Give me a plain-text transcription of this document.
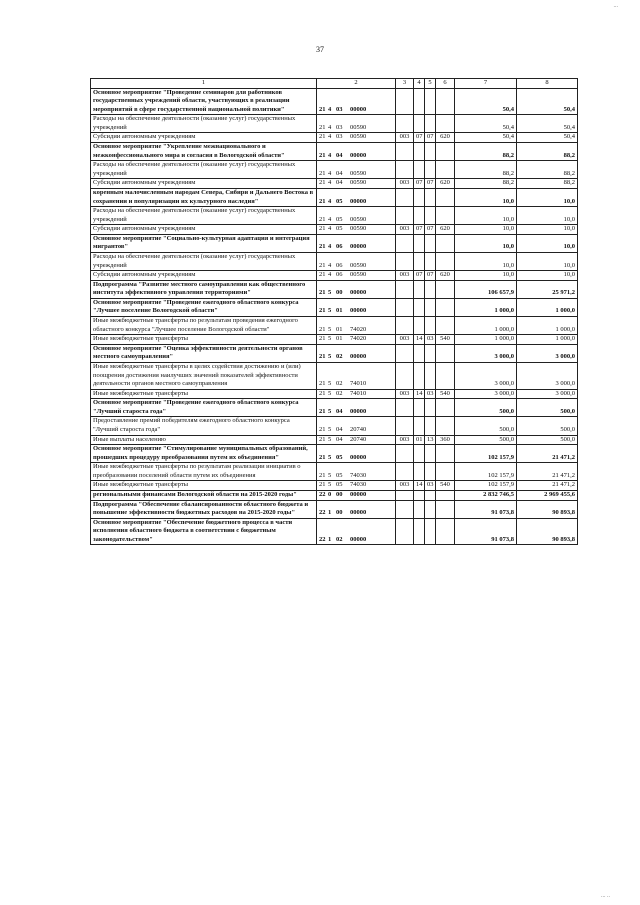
...
37
1	2	3	4	5	6	7	8
Основное мероприятие "Проведение семинаров для работников государственных учреждений области, участвующих в реализации мероприятий в сфере государственной национальной политики"	21 4 03 00000					50,4	50,4
Расходы на обеспечение деятельности (оказание услуг) государственных учреждений	21 4 03 00590					50,4	50,4
Субсидии автономным учреждениям	21 4 03 00590	003	07	07	620	50,4	50,4
Основное мероприятие "Укрепление межнационального и межконфессионального мира и согласия в Вологодской области"	21 4 04 00000					88,2	88,2
Расходы на обеспечение деятельности (оказание услуг) государственных учреждений	21 4 04 00590					88,2	88,2
Субсидии автономным учреждениям	21 4 04 00590	003	07	07	620	88,2	88,2
коренным малочисленным народам Севера, Сибири и Дальнего Востока в сохранении и популяризации их культурного наследия"	21 4 05 00000					10,0	10,0
Расходы на обеспечение деятельности (оказание услуг) государственных учреждений	21 4 05 00590					10,0	10,0
Субсидии автономным учреждениям	21 4 05 00590	003	07	07	620	10,0	10,0
Основное мероприятие "Социально-культурная адаптация и интеграция мигрантов"	21 4 06 00000					10,0	10,0
Расходы на обеспечение деятельности (оказание услуг) государственных учреждений	21 4 06 00590					10,0	10,0
Субсидии автономным учреждениям	21 4 06 00590	003	07	07	620	10,0	10,0
Подпрограмма "Развитие местного самоуправления как общественного института эффективного управления территориями"	21 5 00 00000					106 657,9	25 971,2
Основное мероприятие "Проведение ежегодного областного конкурса "Лучшее поселение Вологодской области"	21 5 01 00000					1 000,0	1 000,0
Иные межбюджетные трансферты по результатам проведения ежегодного областного конкурса "Лучшее поселение Вологодской области"	21 5 01 74020					1 000,0	1 000,0
Иные межбюджетные трансферты	21 5 01 74020	003	14	03	540	1 000,0	1 000,0
Основное мероприятие "Оценка эффективности деятельности органов местного самоуправления"	21 5 02 00000					3 000,0	3 000,0
Иные межбюджетные трансферты в целях содействия достижению и (или) поощрения достижения наилучших значений показателей эффективности деятельности органов местного самоуправления	21 5 02 74010					3 000,0	3 000,0
Иные межбюджетные трансферты	21 5 02 74010	003	14	03	540	3 000,0	3 000,0
Основное мероприятие "Проведение ежегодного областного конкурса "Лучший староста года"	21 5 04 00000					500,0	500,0
Предоставление премий победителям ежегодного областного конкурса "Лучший староста года"	21 5 04 20740					500,0	500,0
Иные выплаты населению	21 5 04 20740	003	01	13	360	500,0	500,0
Основное мероприятие "Стимулирование муниципальных образований, прошедших процедуру преобразования путем их объединения"	21 5 05 00000					102 157,9	21 471,2
Иные межбюджетные трансферты по результатам реализации инициатив о преобразовании поселений области путем их объединения	21 5 05 74030					102 157,9	21 471,2
Иные межбюджетные трансферты	21 5 05 74030	003	14	03	540	102 157,9	21 471,2
региональными финансами Вологодской области на 2015-2020 годы"	22 0 00 00000					2 832 746,5	2 969 455,6
Подпрограмма "Обеспечение сбалансированности областного бюджета и повышение эффективности бюджетных расходов на 2015-2020 годы"	22 1 00 00000					91 073,8	90 893,8
Основное мероприятие "Обеспечение бюджетного процесса в части исполнения областного бюджета в соответствии с бюджетным законодательством"	22 1 02 00000					91 073,8	90 893,8
... ..
